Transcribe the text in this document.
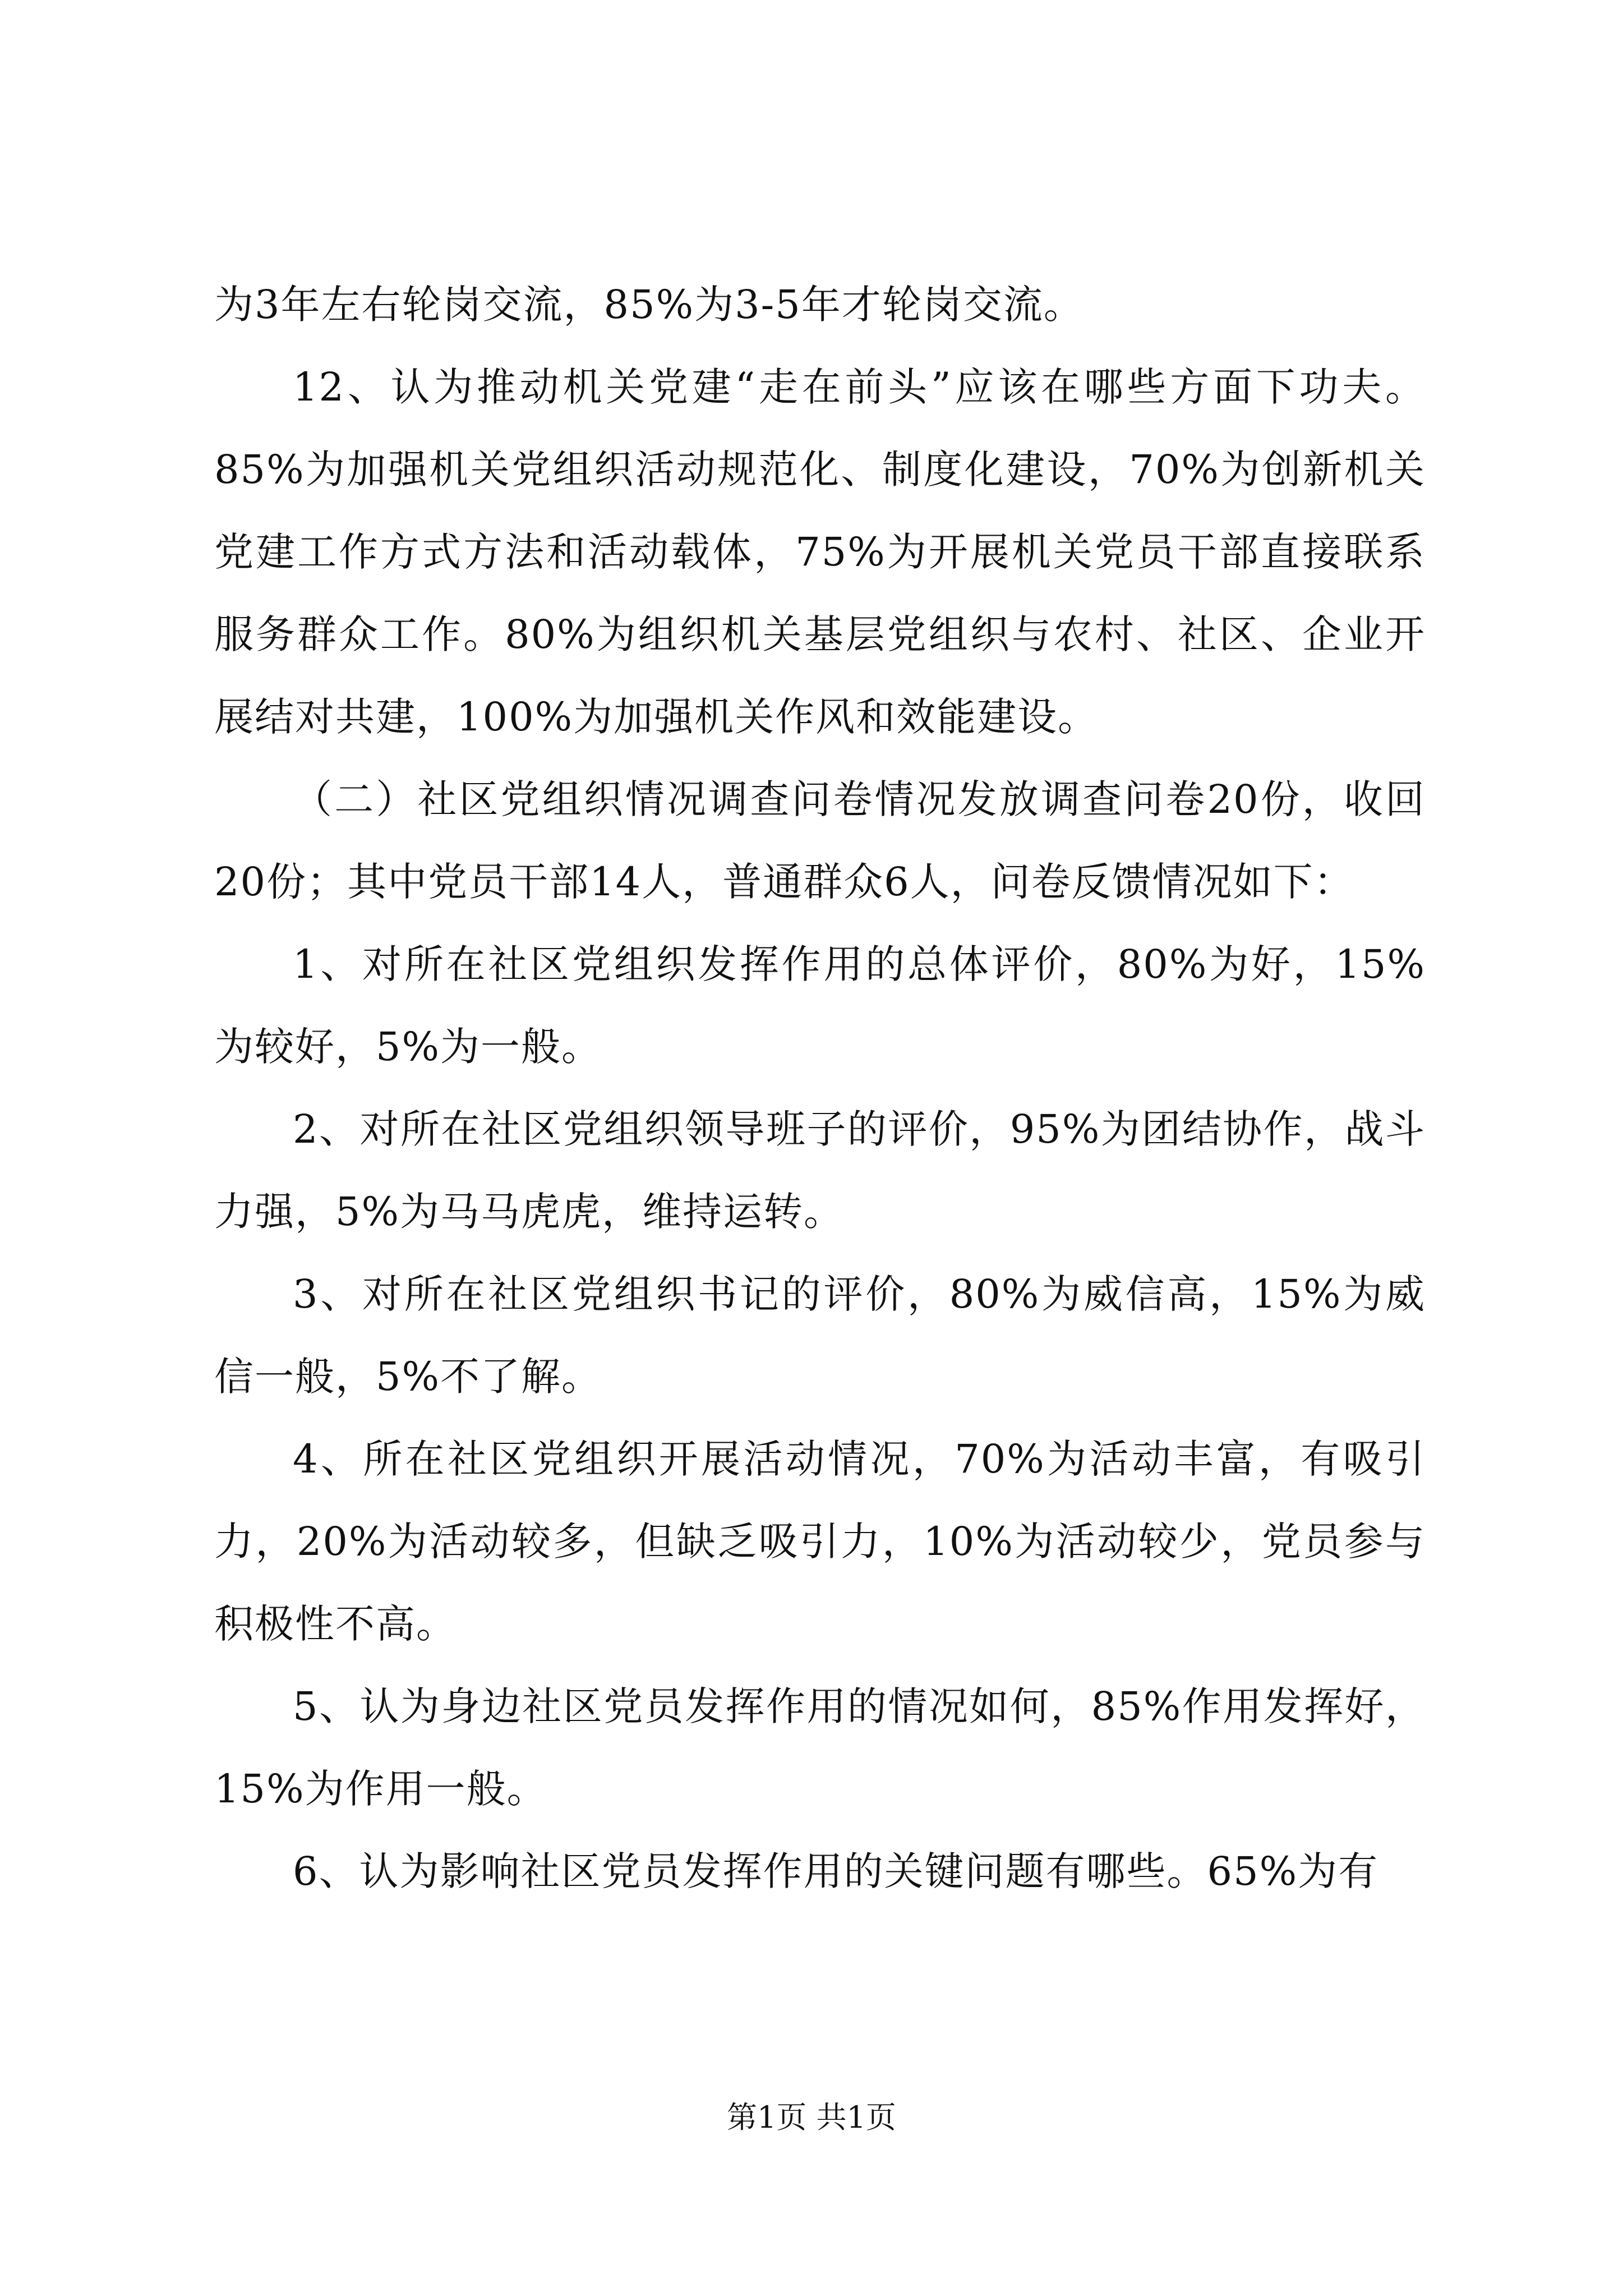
为3年左右轮岗交流，85%为3-5年才轮岗交流。

12、认为推动机关党建“走在前头”应该在哪些方面下功夫。85%为加强机关党组织活动规范化、制度化建设，70%为创新机关党建工作方式方法和活动载体，75%为开展机关党员干部直接联系服务群众工作。80%为组织机关基层党组织与农村、社区、企业开展结对共建，100%为加强机关作风和效能建设。

（二）社区党组织情况调查问卷情况发放调查问卷20份，收回20份；其中党员干部14人，普通群众6人，问卷反馈情况如下：

1、对所在社区党组织发挥作用的总体评价，80%为好，15%为较好，5%为一般。

2、对所在社区党组织领导班子的评价，95%为团结协作，战斗力强，5%为马马虎虎，维持运转。

3、对所在社区党组织书记的评价，80%为威信高，15%为威信一般，5%不了解。

4、所在社区党组织开展活动情况，70%为活动丰富，有吸引力，20%为活动较多，但缺乏吸引力，10%为活动较少，党员参与积极性不高。

5、认为身边社区党员发挥作用的情况如何，85%作用发挥好，15%为作用一般。

6、认为影响社区党员发挥作用的关键问题有哪些。65%为有

第1页 共1页
